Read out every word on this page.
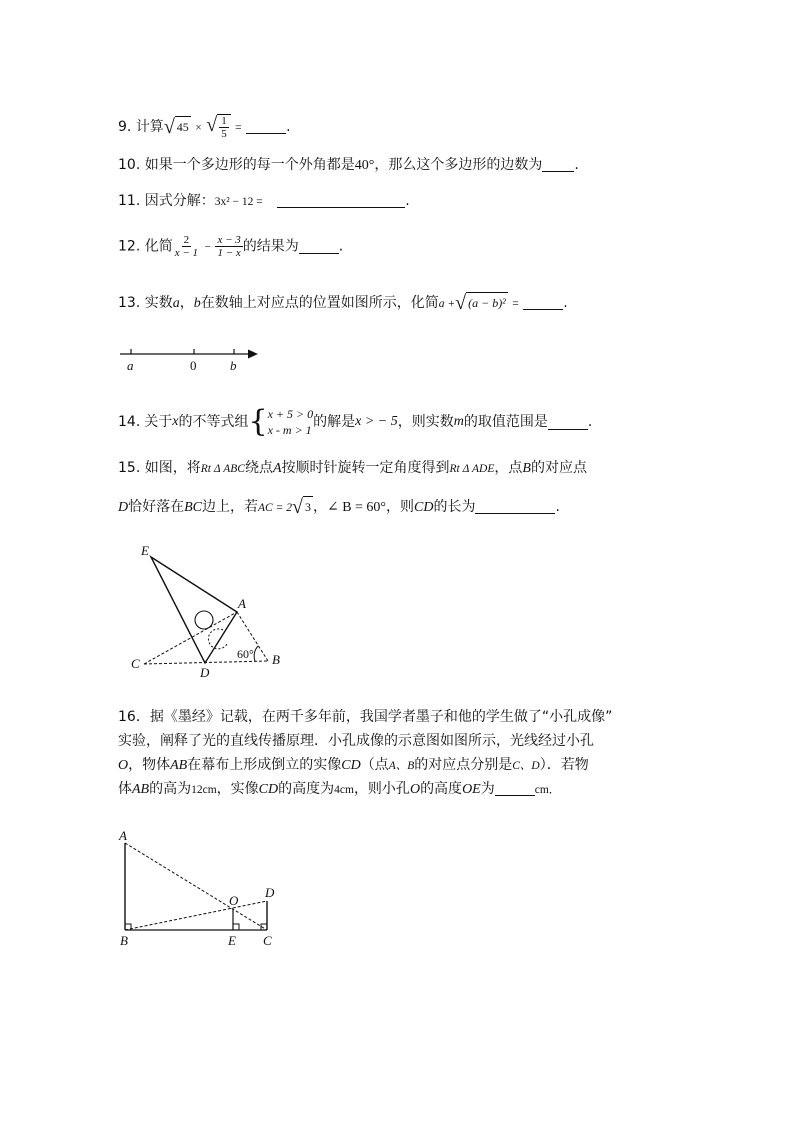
9. 计算 √ 45 × √ $\frac{1}{5}$ =	.
10. 如果一个多边形的每一个外角都是40°，那么这个多边形的边数为 .
11. 因式分解：3x² − 12 =	.
12. 化简 $\frac{2}{x - 1} - \frac{x - 3}{1 - x}$ 的结果为	.
13. 实数a，b在数轴上对应点的位置如图所示，化简a + √ (a − b)² =	.
a	0	b
14. 关于 x 的不等式组 { x + 5 > 0
x - m > 1 的解是 x > − 5 ，则实数 m 的取值范围是	.
15. 如图，将Rt Δ ABC绕点A按顺时针旋转一定角度得到Rt Δ ADE，点B的对应点
D恰好落在BC边上，若AC = 2 √ 3 ，∠ B = 60°，则CD的长为	.
E
A
C
D
B
60°
16．据《墨经》记载，在两千多年前，我国学者墨子和他的学生做了“小孔成像”
实验，阐释了光的直线传播原理．小孔成像的示意图如图所示，光线经过小孔
O，物体AB在幕布上形成倒立的实像CD（点A、B的对应点分别是C、D）．若物
体AB的高为12cm，实像CD的高度为4cm，则小孔O的高度OE为	cm．
A
O
D
B	E C
